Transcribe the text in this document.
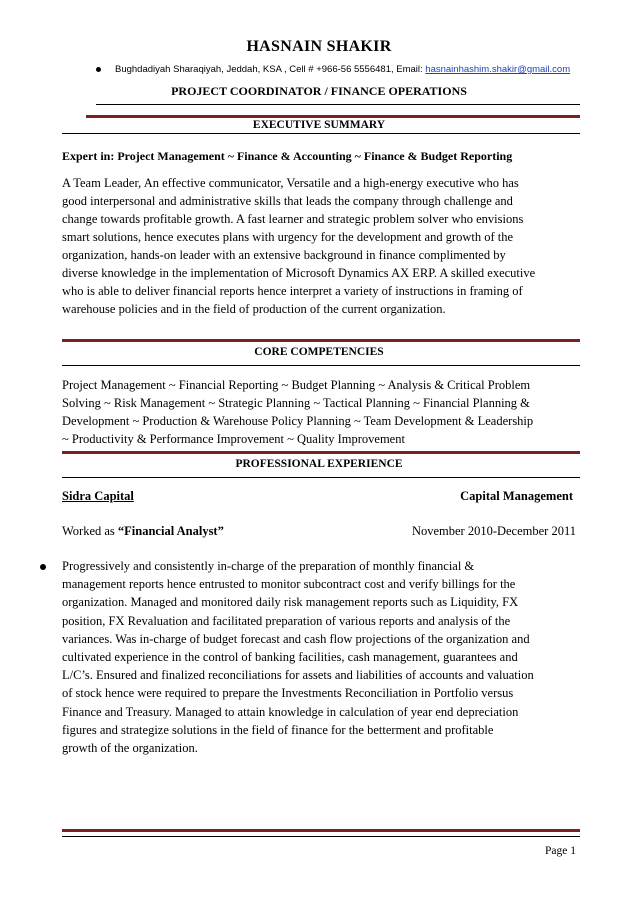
HASNAIN SHAKIR
Bughdadiyah Sharaqiyah, Jeddah, KSA , Cell # +966-56 5556481, Email: hasnainhashim.shakir@gmail.com
PROJECT COORDINATOR / FINANCE OPERATIONS
EXECUTIVE SUMMARY
Expert in: Project Management ~ Finance & Accounting ~ Finance & Budget Reporting
A Team Leader, An effective communicator, Versatile and a high-energy executive who has
good interpersonal and administrative skills that leads the company through challenge and
change towards profitable growth. A fast learner and strategic problem solver who envisions
smart solutions, hence executes plans with urgency for the development and growth of the
organization, hands-on leader with an extensive background in finance complimented by
diverse knowledge in the implementation of Microsoft Dynamics AX ERP. A skilled executive
who is able to deliver financial reports hence interpret a variety of instructions in framing of
warehouse policies and in the field of production of the current organization.
CORE COMPETENCIES
Project Management ~ Financial Reporting ~ Budget Planning ~ Analysis & Critical Problem
Solving ~ Risk Management ~ Strategic Planning ~ Tactical Planning ~ Financial Planning &
Development ~ Production & Warehouse Policy Planning ~ Team Development & Leadership
~ Productivity & Performance Improvement ~ Quality Improvement
PROFESSIONAL EXPERIENCE
Sidra Capital	Capital Management
Worked as “Financial Analyst”	November 2010-December 2011
Progressively and consistently in-charge of the preparation of monthly financial &
management reports hence entrusted to monitor subcontract cost and verify billings for the
organization. Managed and monitored daily risk management reports such as Liquidity, FX
position, FX Revaluation and facilitated preparation of various reports and analysis of the
variances. Was in-charge of budget forecast and cash flow projections of the organization and
cultivated experience in the control of banking facilities, cash management, guarantees and
L/C’s. Ensured and finalized reconciliations for assets and liabilities of accounts and valuation
of stock hence were required to prepare the Investments Reconciliation in Portfolio versus
Finance and Treasury. Managed to attain knowledge in calculation of year end depreciation
figures and strategize solutions in the field of finance for the betterment and profitable
growth of the organization.
Page 1
